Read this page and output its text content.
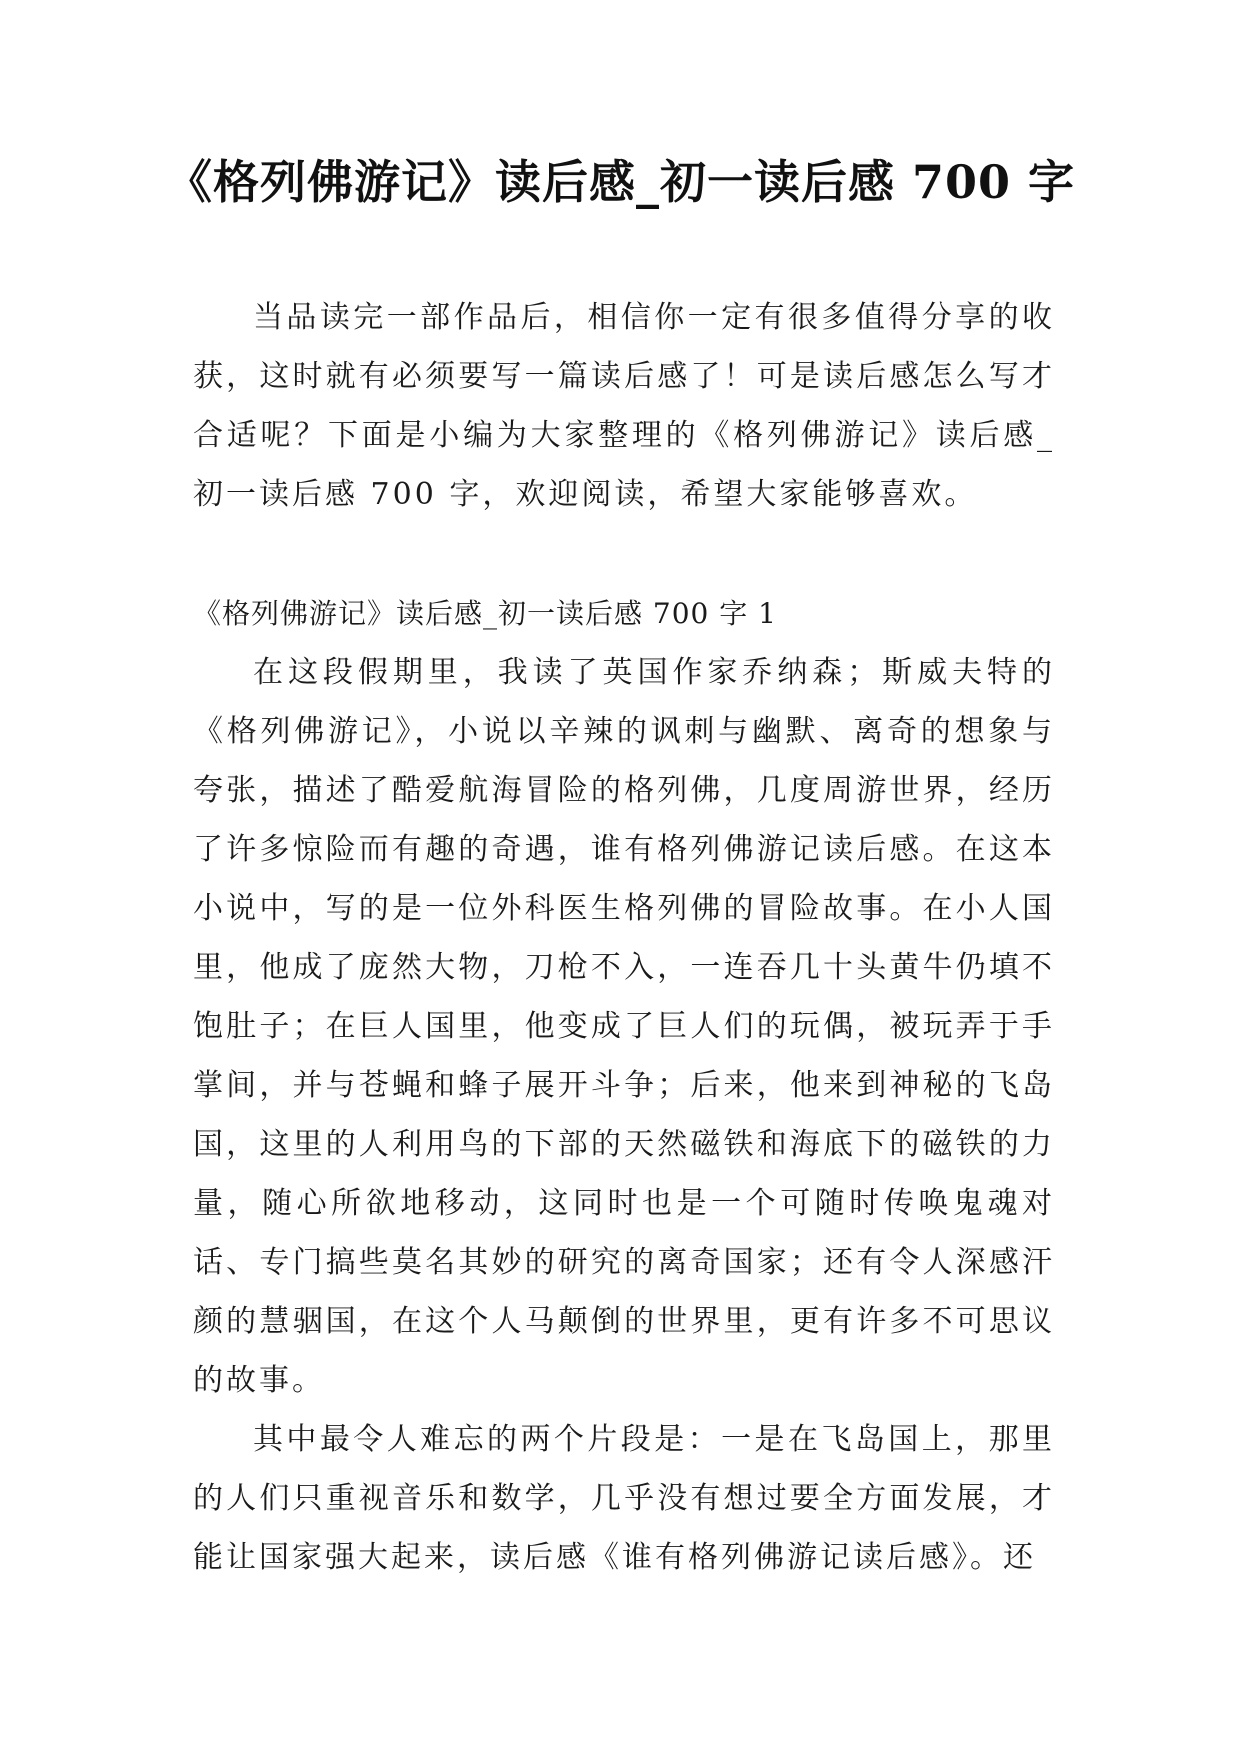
《格列佛游记》读后感_初一读后感 700 字

当品读完一部作品后，相信你一定有很多值得分享的收获，这时就有必须要写一篇读后感了！可是读后感怎么写才合适呢？下面是小编为大家整理的《格列佛游记》读后感_初一读后感 700 字，欢迎阅读，希望大家能够喜欢。

《格列佛游记》读后感_初一读后感 700 字 1

在这段假期里，我读了英国作家乔纳森；斯威夫特的《格列佛游记》，小说以辛辣的讽刺与幽默、离奇的想象与夸张，描述了酷爱航海冒险的格列佛，几度周游世界，经历了许多惊险而有趣的奇遇，谁有格列佛游记读后感。在这本小说中，写的是一位外科医生格列佛的冒险故事。在小人国里，他成了庞然大物，刀枪不入，一连吞几十头黄牛仍填不饱肚子；在巨人国里，他变成了巨人们的玩偶，被玩弄于手掌间，并与苍蝇和蜂子展开斗争；后来，他来到神秘的飞岛国，这里的人利用鸟的下部的天然磁铁和海底下的磁铁的力量，随心所欲地移动，这同时也是一个可随时传唤鬼魂对话、专门搞些莫名其妙的研究的离奇国家；还有令人深感汗颜的慧骃国，在这个人马颠倒的世界里，更有许多不可思议的故事。

其中最令人难忘的两个片段是：一是在飞岛国上，那里的人们只重视音乐和数学，几乎没有想过要全方面发展，才能让国家强大起来，读后感《谁有格列佛游记读后感》。还
